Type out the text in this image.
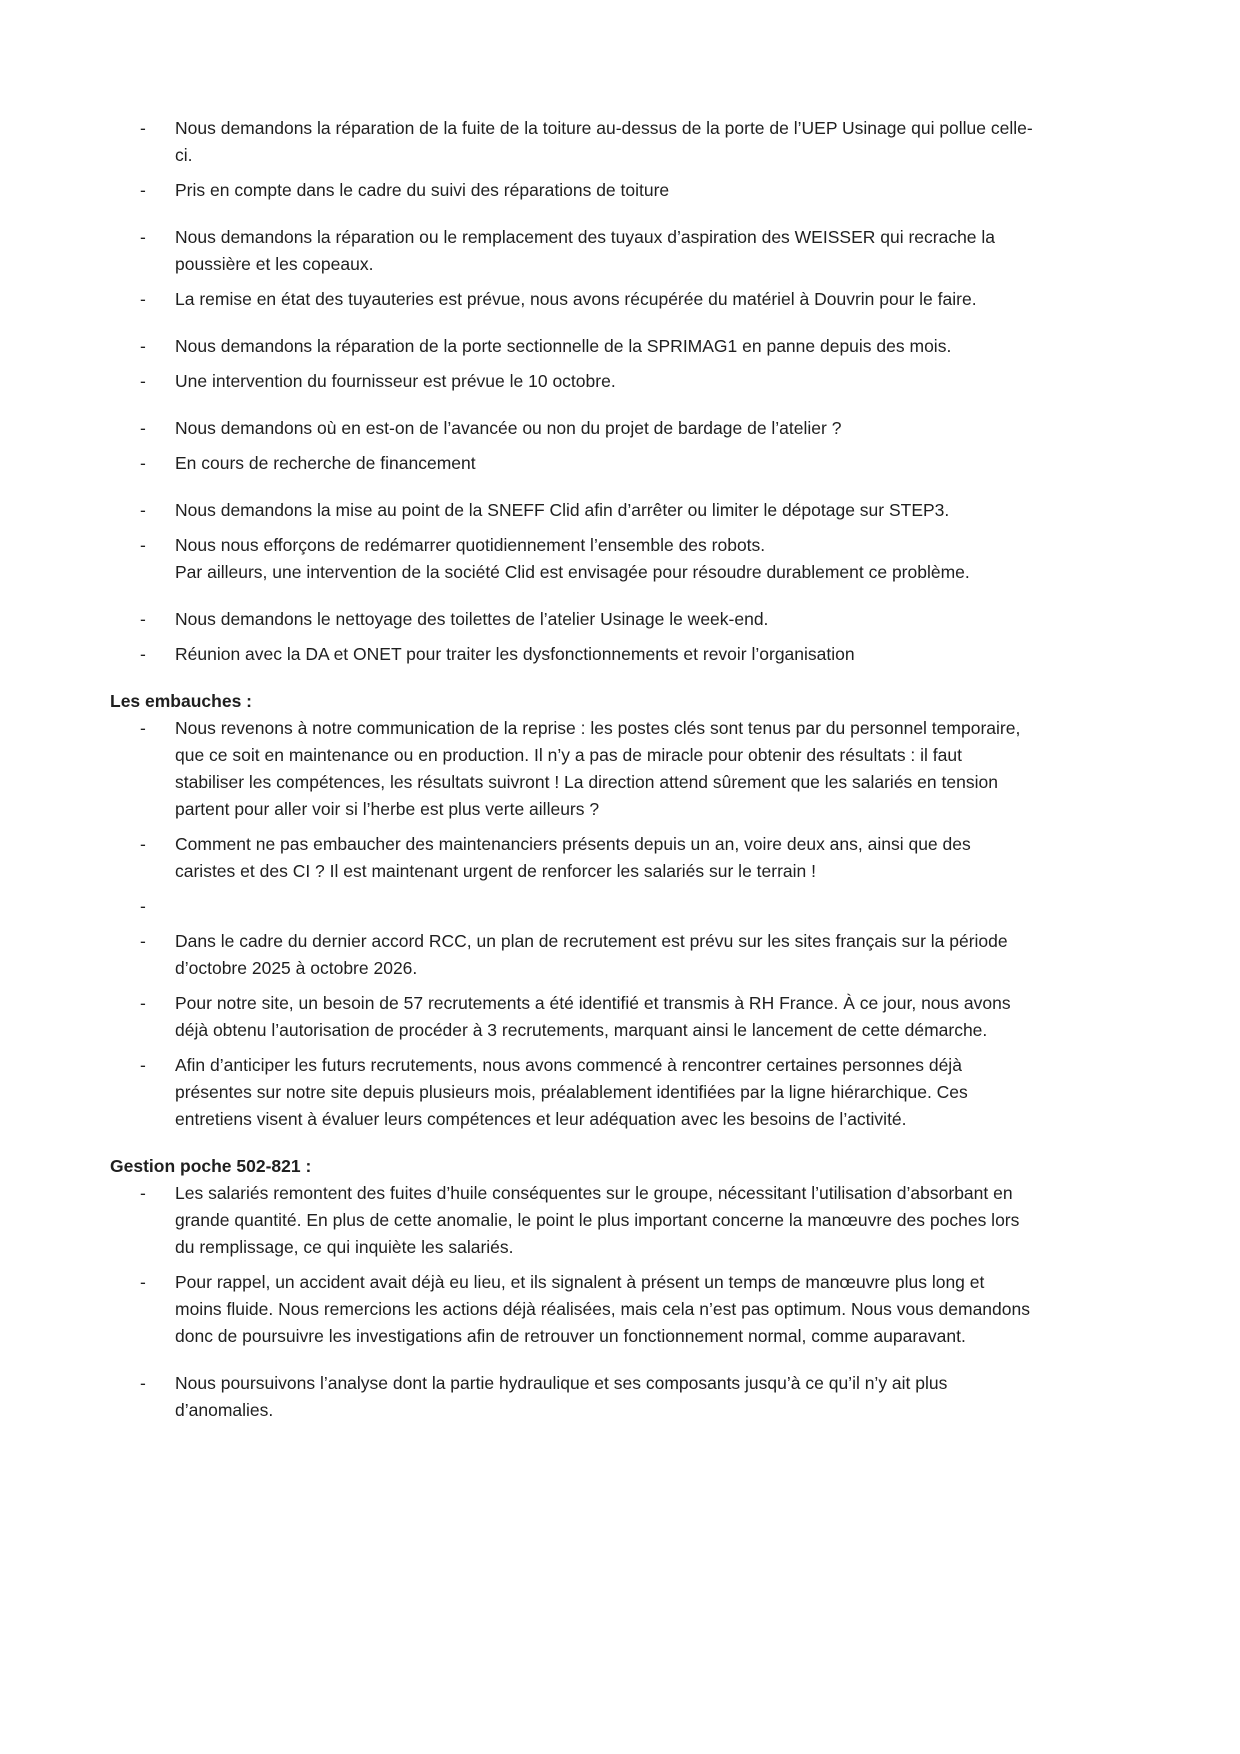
-	Nous demandons la réparation de la fuite de la toiture au-dessus de la porte de l’UEP Usinage qui pollue celle-ci.
-	Pris en compte dans le cadre du suivi des réparations de toiture
-	Nous demandons la réparation ou le remplacement des tuyaux d’aspiration des WEISSER qui recrache la poussière et les copeaux.
-	La remise en état des tuyauteries est prévue, nous avons récupérée du matériel à Douvrin pour le faire.
-	Nous demandons la réparation de la porte sectionnelle de la SPRIMAG1 en panne depuis des mois.
-	Une intervention du fournisseur est prévue le 10 octobre.
-	Nous demandons où en est-on de l’avancée ou non du projet de bardage de l’atelier ?
-	En cours de recherche de financement
-	Nous demandons la mise au point de la SNEFF Clid afin d’arrêter ou limiter le dépotage sur STEP3.
-	Nous nous efforçons de redémarrer quotidiennement l’ensemble des robots.
Par ailleurs, une intervention de la société Clid est envisagée pour résoudre durablement ce problème.
-	Nous demandons le nettoyage des toilettes de l’atelier Usinage le week-end.
-	Réunion avec la DA et ONET pour traiter les dysfonctionnements et revoir l’organisation
Les embauches :
-	Nous revenons à notre communication de la reprise : les postes clés sont tenus par du personnel temporaire, que ce soit en maintenance ou en production. Il n’y a pas de miracle pour obtenir des résultats : il faut stabiliser les compétences, les résultats suivront ! La direction attend sûrement que les salariés en tension partent pour aller voir si l’herbe est plus verte ailleurs ?
-	Comment ne pas embaucher des maintenanciers présents depuis un an, voire deux ans, ainsi que des caristes et des CI ? Il est maintenant urgent de renforcer les salariés sur le terrain !
-
-	Dans le cadre du dernier accord RCC, un plan de recrutement est prévu sur les sites français sur la période d’octobre 2025 à octobre 2026.
-	Pour notre site, un besoin de 57 recrutements a été identifié et transmis à RH France. À ce jour, nous avons déjà obtenu l’autorisation de procéder à 3 recrutements, marquant ainsi le lancement de cette démarche.
-	Afin d’anticiper les futurs recrutements, nous avons commencé à rencontrer certaines personnes déjà présentes sur notre site depuis plusieurs mois, préalablement identifiées par la ligne hiérarchique. Ces entretiens visent à évaluer leurs compétences et leur adéquation avec les besoins de l’activité.
Gestion poche 502-821 :
-	Les salariés remontent des fuites d’huile conséquentes sur le groupe, nécessitant l’utilisation d’absorbant en grande quantité. En plus de cette anomalie, le point le plus important concerne la manœuvre des poches lors du remplissage, ce qui inquiète les salariés.
-	Pour rappel, un accident avait déjà eu lieu, et ils signalent à présent un temps de manœuvre plus long et moins fluide. Nous remercions les actions déjà réalisées, mais cela n’est pas optimum. Nous vous demandons donc de poursuivre les investigations afin de retrouver un fonctionnement normal, comme auparavant.
-	Nous poursuivons l’analyse dont la partie hydraulique et ses composants jusqu’à ce qu’il n’y ait plus d’anomalies.
